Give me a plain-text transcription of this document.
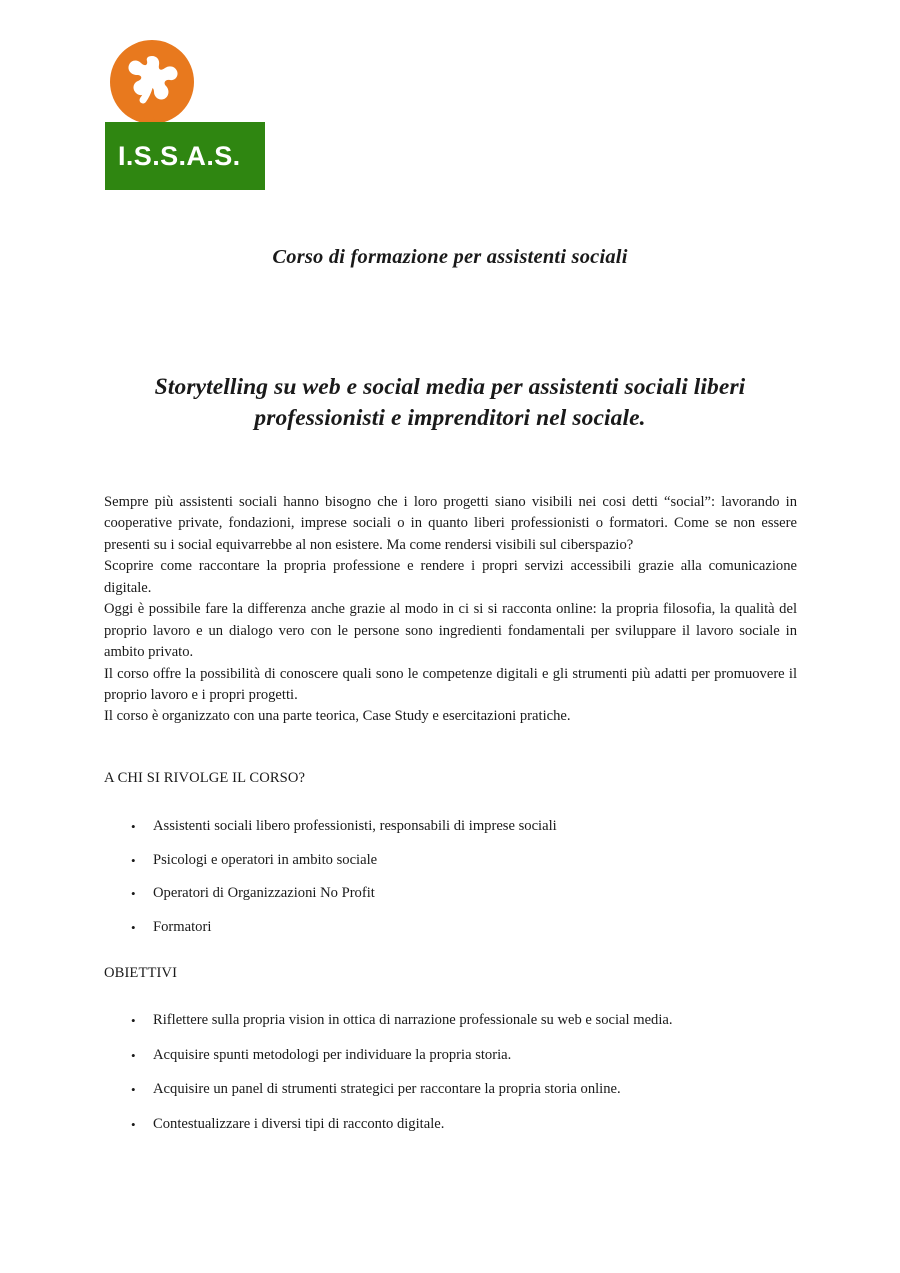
I.S.S.A.S.
Corso di formazione per assistenti sociali
Storytelling su web e social media per assistenti sociali liberi professionisti e imprenditori nel sociale.

Sempre più assistenti sociali hanno bisogno che i loro progetti siano visibili nei cosi detti “social”: lavorando in cooperative private, fondazioni, imprese sociali o in quanto liberi professionisti o formatori. Come se non essere presenti su i social equivarrebbe al non esistere. Ma come rendersi visibili sul ciberspazio?

Scoprire come raccontare la propria professione e rendere i propri servizi accessibili grazie alla comunicazione digitale.

Oggi è possibile fare la differenza anche grazie al modo in ci si si racconta online: la propria filosofia, la qualità del proprio lavoro e un dialogo vero con le persone sono ingredienti fondamentali per sviluppare il lavoro sociale in ambito privato.

Il corso offre la possibilità di conoscere quali sono le competenze digitali e gli strumenti più adatti per promuovere il proprio lavoro e i propri progetti.

Il corso è organizzato con una parte teorica, Case Study e esercitazioni pratiche.

A CHI SI RIVOLGE IL CORSO?
• Assistenti sociali libero professionisti, responsabili di imprese sociali
• Psicologi e operatori in ambito sociale
• Operatori di Organizzazioni No Profit
• Formatori
OBIETTIVI
• Riflettere sulla propria vision in ottica di narrazione professionale su web e social media.
• Acquisire spunti metodologi per individuare la propria storia.
• Acquisire un panel di strumenti strategici per raccontare la propria storia online.
• Contestualizzare i diversi tipi di racconto digitale.
